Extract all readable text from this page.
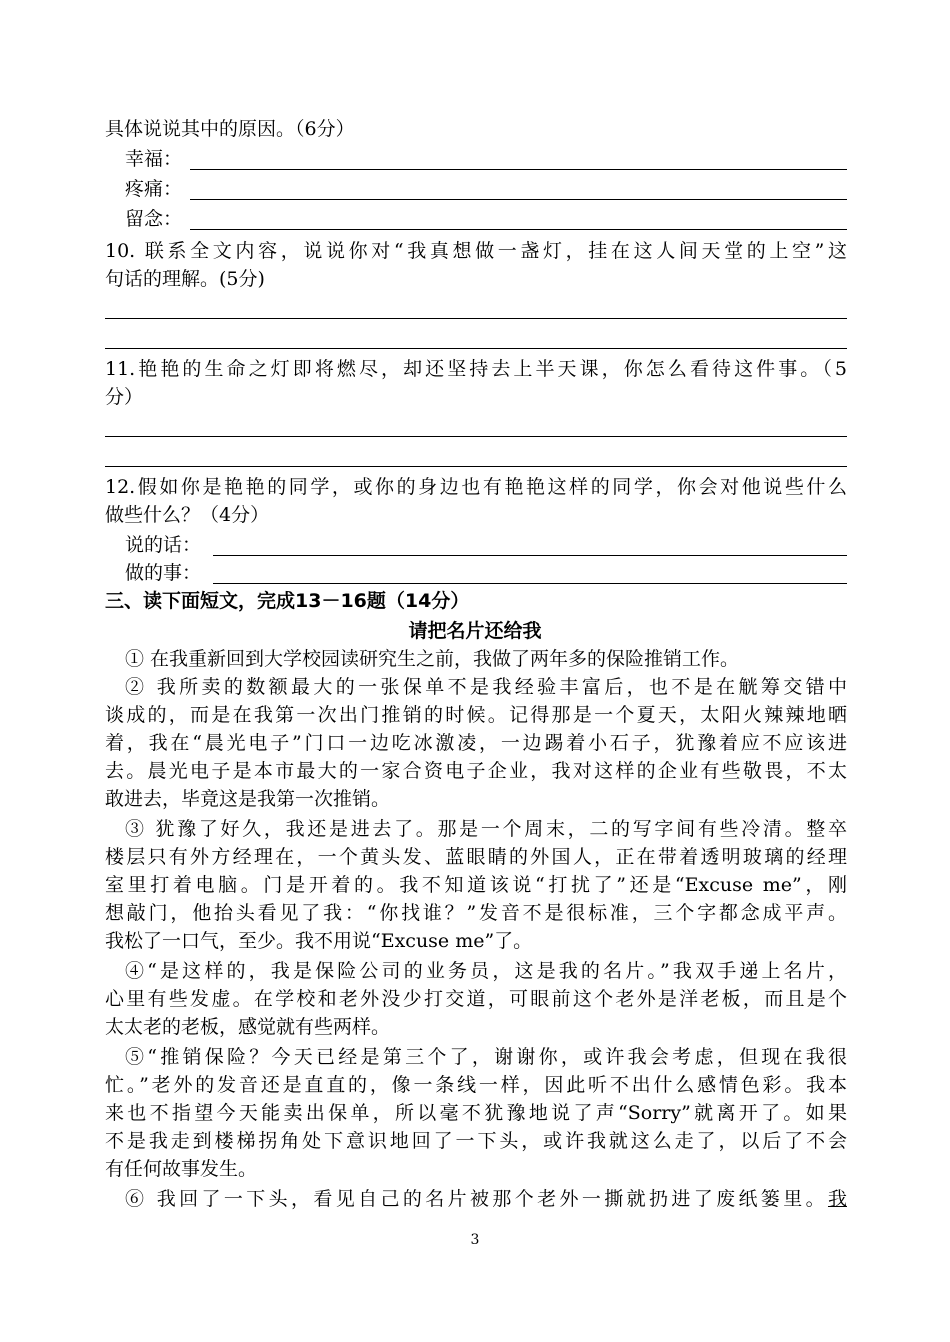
具体说说其中的原因。（6分）
幸福：
疼痛：
留念：
10. 联系全文内容，说说你对“我真想做一盏灯，挂在这人间天堂的上空”这
句话的理解。(5分)
11.艳艳的生命之灯即将燃尽，却还坚持去上半天课，你怎么看待这件事。（5
分）
12.假如你是艳艳的同学，或你的身边也有艳艳这样的同学，你会对他说些什么
做些什么？（4分）
说的话：
做的事：
三、读下面短文，完成13－16题（14分）
请把名片还给我
① 在我重新回到大学校园读研究生之前，我做了两年多的保险推销工作。
② 我所卖的数额最大的一张保单不是我经验丰富后，也不是在觥筹交错中
谈成的，而是在我第一次出门推销的时候。记得那是一个夏天，太阳火辣辣地晒
着，我在“晨光电子”门口一边吃冰激凌，一边踢着小石子，犹豫着应不应该进
去。晨光电子是本市最大的一家合资电子企业，我对这样的企业有些敬畏，不太
敢进去，毕竟这是我第一次推销。
③ 犹豫了好久，我还是进去了。那是一个周末，二的写字间有些冷清。整卒
楼层只有外方经理在，一个黄头发、蓝眼睛的外国人，正在带着透明玻璃的经理
室里打着电脑。门是开着的。我不知道该说“打扰了”还是“Excuse me”，刚
想敲门，他抬头看见了我：“你找谁？”发音不是很标准，三个字都念成平声。
我松了一口气，至少。我不用说“Excuse me”了。
④“是这样的，我是保险公司的业务员，这是我的名片。”我双手递上名片，
心里有些发虚。在学校和老外没少打交道，可眼前这个老外是洋老板，而且是个
太太老的老板，感觉就有些两样。
⑤“推销保险？今天已经是第三个了，谢谢你，或许我会考虑，但现在我很
忙。”老外的发音还是直直的，像一条线一样，因此听不出什么感情色彩。我本
来也不指望今天能卖出保单，所以毫不犹豫地说了声“Sorry”就离开了。如果
不是我走到楼梯拐角处下意识地回了一下头，或许我就这么走了，以后了不会
有任何故事发生。
⑥ 我回了一下头，看见自己的名片被那个老外一撕就扔进了废纸篓里。我
3
